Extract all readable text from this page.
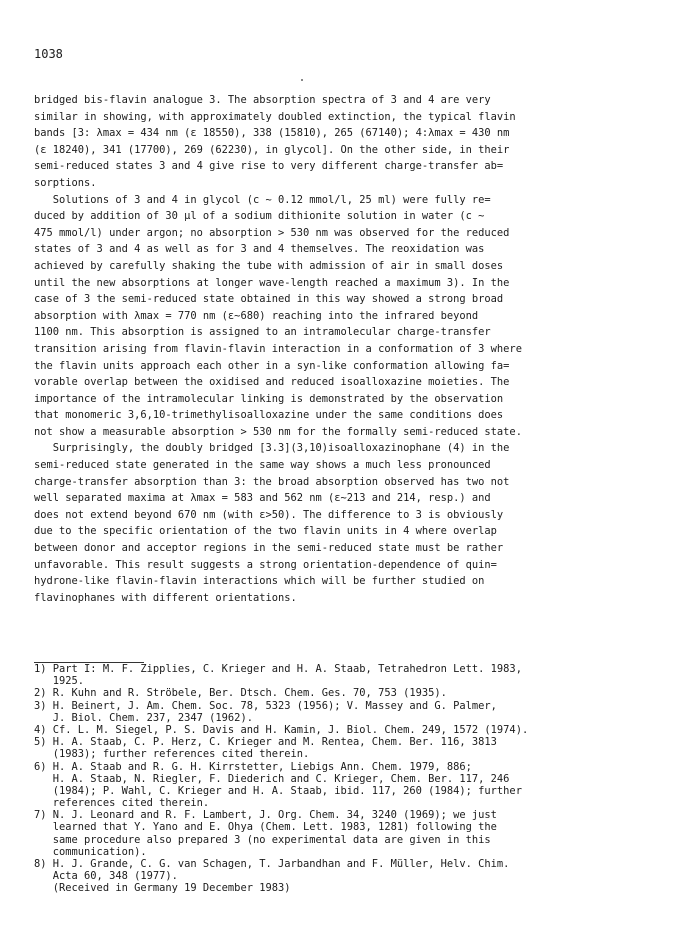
1038
bridged bis-flavin analogue 3. The absorption spectra of 3 and 4 are very
similar in showing, with approximately doubled extinction, the typical flavin
bands [3: λmax = 434 nm (ε 18550), 338 (15810), 265 (67140); 4:λmax = 430 nm
(ε 18240), 341 (17700), 269 (62230), in glycol]. On the other side, in their
semi-reduced states 3 and 4 give rise to very different charge-transfer ab=
sorptions.
Solutions of 3 and 4 in glycol (c ~ 0.12 mmol/l, 25 ml) were fully re=
duced by addition of 30 µl of a sodium dithionite solution in water (c ~
475 mmol/l) under argon; no absorption > 530 nm was observed for the reduced
states of 3 and 4 as well as for 3 and 4 themselves. The reoxidation was
achieved by carefully shaking the tube with admission of air in small doses
until the new absorptions at longer wave-length reached a maximum 3). In the
case of 3 the semi-reduced state obtained in this way showed a strong broad
absorption with λmax = 770 nm (ε~680) reaching into the infrared beyond
1100 nm. This absorption is assigned to an intramolecular charge-transfer
transition arising from flavin-flavin interaction in a conformation of 3 where
the flavin units approach each other in a syn-like conformation allowing fa=
vorable overlap between the oxidised and reduced isoalloxazine moieties. The
importance of the intramolecular linking is demonstrated by the observation
that monomeric 3,6,10-trimethylisoalloxazine under the same conditions does
not show a measurable absorption > 530 nm for the formally semi-reduced state.
Surprisingly, the doubly bridged [3.3](3,10)isoalloxazinophane (4) in the
semi-reduced state generated in the same way shows a much less pronounced
charge-transfer absorption than 3: the broad absorption observed has two not
well separated maxima at λmax = 583 and 562 nm (ε~213 and 214, resp.) and
does not extend beyond 670 nm (with ε>50). The difference to 3 is obviously
due to the specific orientation of the two flavin units in 4 where overlap
between donor and acceptor regions in the semi-reduced state must be rather
unfavorable. This result suggests a strong orientation-dependence of quin=
hydrone-like flavin-flavin interactions which will be further studied on
flavinophanes with different orientations.
1) Part I: M. F. Zipplies, C. Krieger and H. A. Staab, Tetrahedron Lett. 1983,
1925.
2) R. Kuhn and R. Ströbele, Ber. Dtsch. Chem. Ges. 70, 753 (1935).
3) H. Beinert, J. Am. Chem. Soc. 78, 5323 (1956); V. Massey and G. Palmer,
J. Biol. Chem. 237, 2347 (1962).
4) Cf. L. M. Siegel, P. S. Davis and H. Kamin, J. Biol. Chem. 249, 1572 (1974).
5) H. A. Staab, C. P. Herz, C. Krieger and M. Rentea, Chem. Ber. 116, 3813
(1983); further references cited therein.
6) H. A. Staab and R. G. H. Kirrstetter, Liebigs Ann. Chem. 1979, 886;
H. A. Staab, N. Riegler, F. Diederich and C. Krieger, Chem. Ber. 117, 246
(1984); P. Wahl, C. Krieger and H. A. Staab, ibid. 117, 260 (1984); further
references cited therein.
7) N. J. Leonard and R. F. Lambert, J. Org. Chem. 34, 3240 (1969); we just
learned that Y. Yano and E. Ohya (Chem. Lett. 1983, 1281) following the
same procedure also prepared 3 (no experimental data are given in this
communication).
8) H. J. Grande, C. G. van Schagen, T. Jarbandhan and F. Müller, Helv. Chim.
Acta 60, 348 (1977).
(Received in Germany 19 December 1983)
